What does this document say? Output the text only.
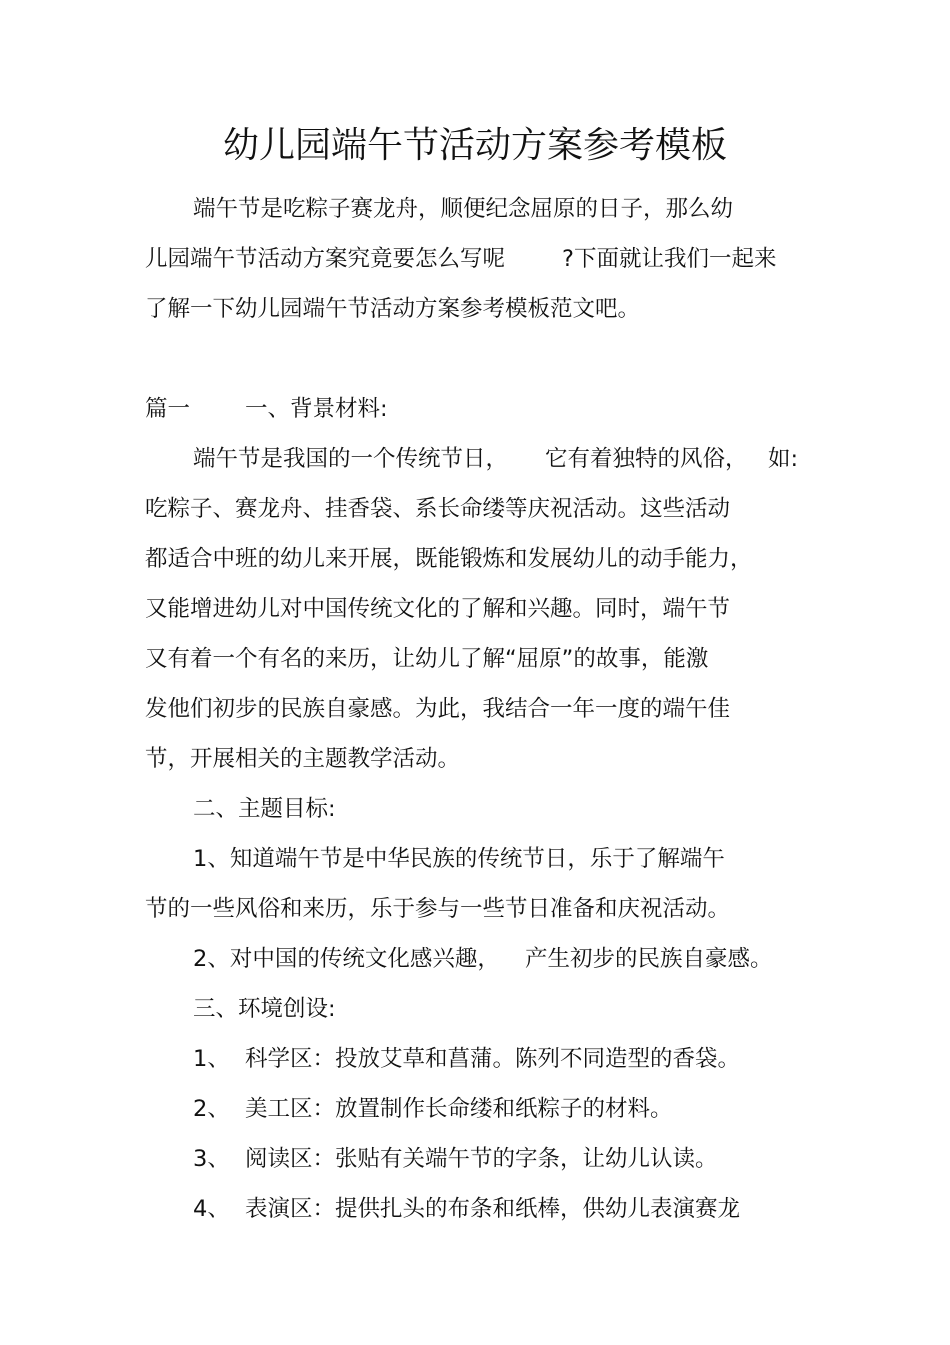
幼儿园端午节活动方案参考模板
端午节是吃粽子赛龙舟，顺便纪念屈原的日子，那么幼
儿园端午节活动方案究竟要怎么写呢	?下面就让我们一起来
了解一下幼儿园端午节活动方案参考模板范文吧。
篇一 一、背景材料:
端午节是我国的一个传统节日， 它有着独特的风俗， 如:
吃粽子、赛龙舟、挂香袋、系长命缕等庆祝活动。这些活动
都适合中班的幼儿来开展，既能锻炼和发展幼儿的动手能力，
又能增进幼儿对中国传统文化的了解和兴趣。同时，端午节
又有着一个有名的来历，让幼儿了解“屈原”的故事，能激
发他们初步的民族自豪感。为此，我结合一年一度的端午佳
节，开展相关的主题教学活动。
二、主题目标:
1、知道端午节是中华民族的传统节日，乐于了解端午
节的一些风俗和来历，乐于参与一些节日准备和庆祝活动。
2、对中国的传统文化感兴趣， 产生初步的民族自豪感。
三、环境创设:
1、 科学区：投放艾草和菖蒲。陈列不同造型的香袋。
2、 美工区：放置制作长命缕和纸粽子的材料。
3、 阅读区：张贴有关端午节的字条，让幼儿认读。
4、 表演区：提供扎头的布条和纸棒，供幼儿表演赛龙
